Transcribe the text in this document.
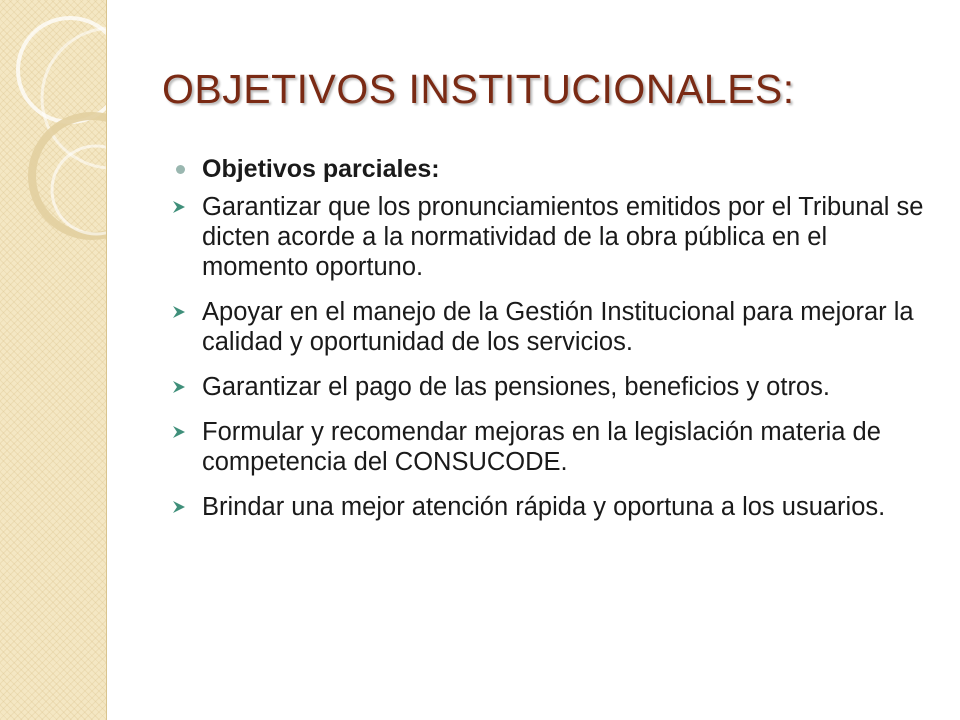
OBJETIVOS INSTITUCIONALES:
Objetivos parciales:
Garantizar que los pronunciamientos emitidos por el Tribunal se dicten acorde a la normatividad de la obra pública en el momento oportuno.
Apoyar en el manejo de la Gestión Institucional para mejorar la calidad y oportunidad de los servicios.
Garantizar el pago de las pensiones, beneficios y otros.
Formular y recomendar mejoras en la legislación materia de competencia del CONSUCODE.
Brindar una mejor atención rápida y oportuna a los usuarios.
